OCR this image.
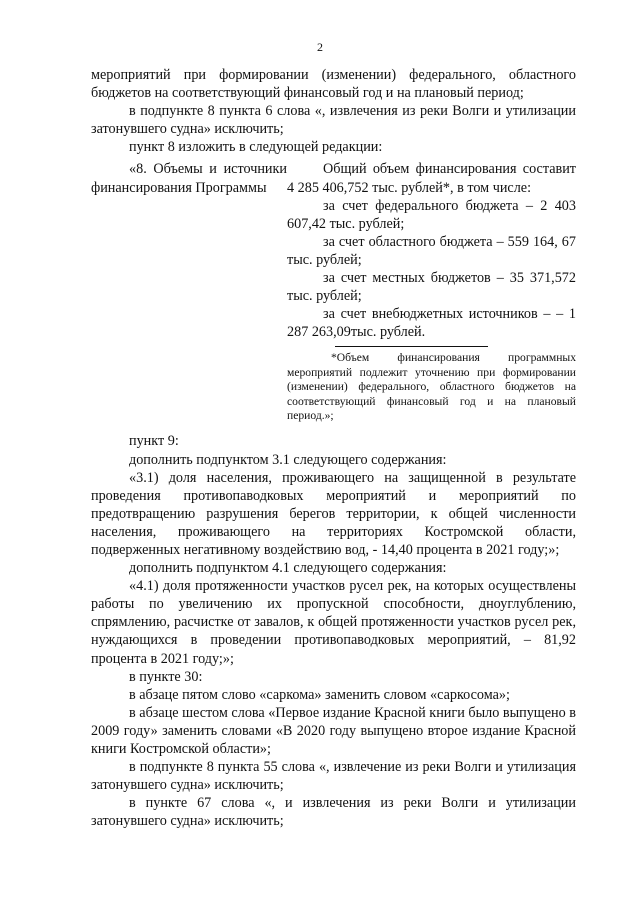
2

мероприятий при формировании (изменении) федерального, областного бюджетов на соответствующий финансовый год и на плановый период;

в подпункте 8 пункта 6 слова «, извлечения из реки Волги и утилизации затонувшего судна» исключить;

пункт 8 изложить в следующей редакции:

«8. Объемы и источники финансирования Программы

Общий объем финансирования составит 4 285 406,752 тыс. рублей*, в том числе:

за счет федерального бюджета – 2 403 607,42 тыс. рублей;

за счет областного бюджета – 559 164, 67 тыс. рублей;

за счет местных бюджетов – 35 371,572 тыс. рублей;

за счет внебюджетных источников – – 1 287 263,09тыс. рублей.

*Объем финансирования программных мероприятий подлежит уточнению при формировании (изменении) федерального, областного бюджетов на соответствующий финансовый год и на плановый период.»;

пункт 9:

дополнить подпунктом 3.1 следующего содержания:

«3.1) доля населения, проживающего на защищенной в результате проведения противопаводковых мероприятий и мероприятий по предотвращению разрушения берегов территории, к общей численности населения, проживающего на территориях Костромской области, подверженных негативному воздействию вод, - 14,40 процента в 2021 году;»;

дополнить подпунктом 4.1 следующего содержания:

«4.1) доля протяженности участков русел рек, на которых осуществлены работы по увеличению их пропускной способности, дноуглублению, спрямлению, расчистке от завалов, к общей протяженности участков русел рек, нуждающихся в проведении противопаводковых мероприятий, – 81,92 процента в 2021 году;»;

в пункте 30:

в абзаце пятом слово «саркома» заменить словом «саркосома»;

в абзаце шестом слова «Первое издание Красной книги было выпущено в 2009 году» заменить словами «В 2020 году выпущено второе издание Красной книги Костромской области»;

в подпункте 8 пункта 55 слова «, извлечение из реки Волги и утилизация затонувшего судна» исключить;

в пункте 67 слова «, и извлечения из реки Волги и утилизации затонувшего судна» исключить;
